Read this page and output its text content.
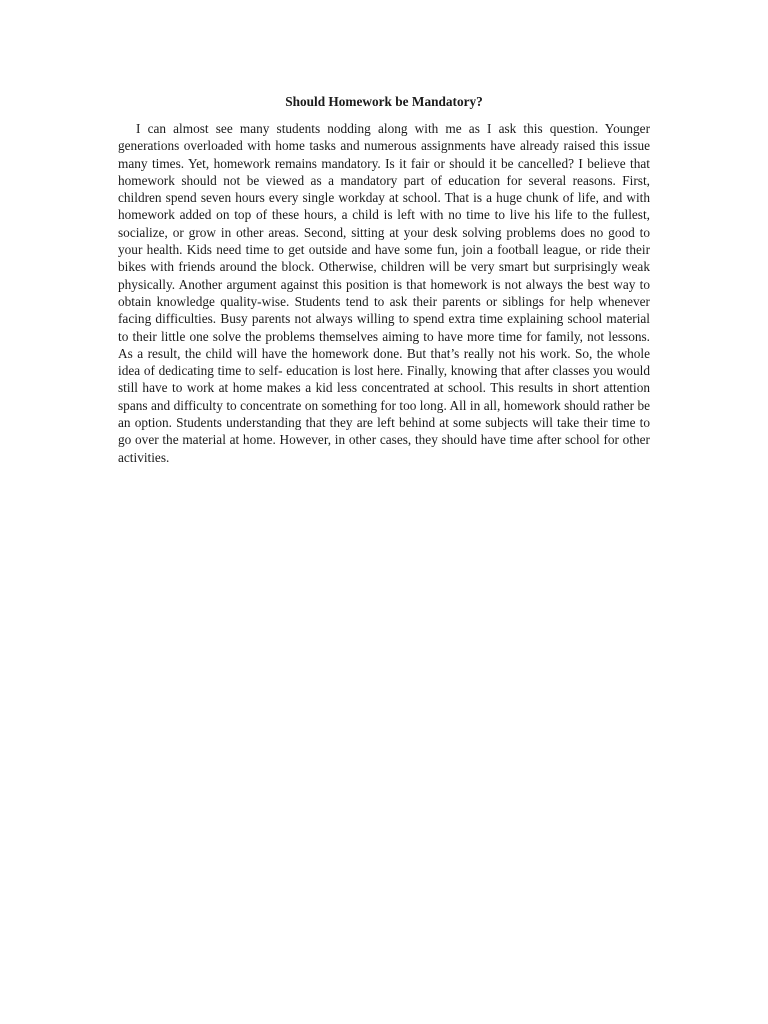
Should Homework be Mandatory?

I can almost see many students nodding along with me as I ask this question. Younger generations overloaded with home tasks and numerous assignments have already raised this issue many times. Yet, homework remains mandatory. Is it fair or should it be cancelled? I believe that homework should not be viewed as a mandatory part of education for several reasons. First, children spend seven hours every single workday at school. That is a huge chunk of life, and with homework added on top of these hours, a child is left with no time to live his life to the fullest, socialize, or grow in other areas. Second, sitting at your desk solving problems does no good to your health. Kids need time to get outside and have some fun, join a football league, or ride their bikes with friends around the block. Otherwise, children will be very smart but surprisingly weak physically. Another argument against this position is that homework is not always the best way to obtain knowledge quality-wise. Students tend to ask their parents or siblings for help whenever facing difficulties. Busy parents not always willing to spend extra time explaining school material to their little one solve the problems themselves aiming to have more time for family, not lessons. As a result, the child will have the homework done. But that’s really not his work. So, the whole idea of dedicating time to self- education is lost here. Finally, knowing that after classes you would still have to work at home makes a kid less concentrated at school. This results in short attention spans and difficulty to concentrate on something for too long. All in all, homework should rather be an option. Students understanding that they are left behind at some subjects will take their time to go over the material at home. However, in other cases, they should have time after school for other activities.
